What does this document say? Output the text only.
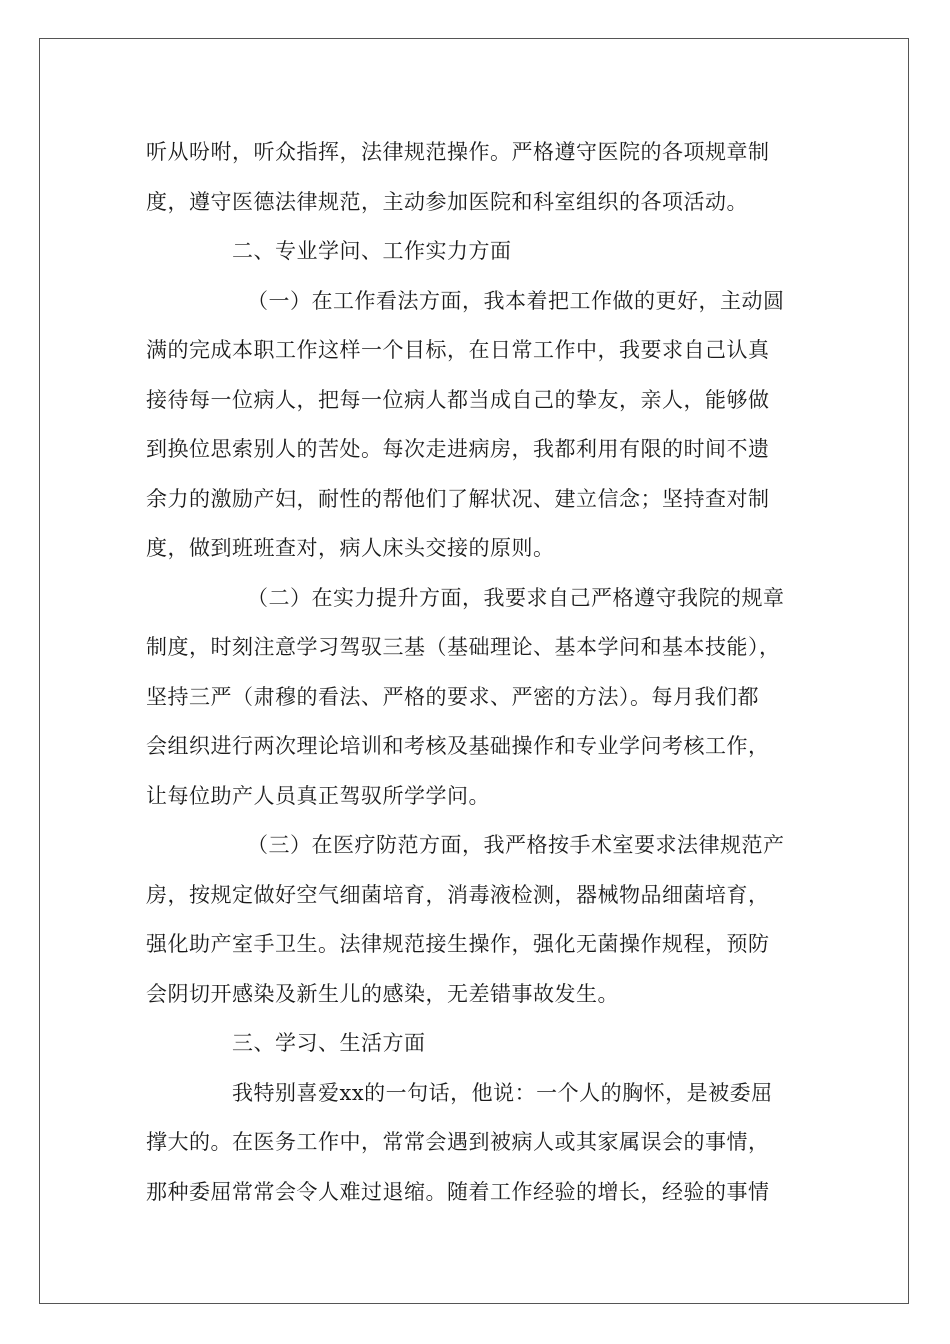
听从吩咐，听众指挥，法律规范操作。严格遵守医院的各项规章制
度，遵守医德法律规范，主动参加医院和科室组织的各项活动。
二、专业学问、工作实力方面
（一）在工作看法方面，我本着把工作做的更好，主动圆
满的完成本职工作这样一个目标，在日常工作中，我要求自己认真
接待每一位病人，把每一位病人都当成自己的挚友，亲人，能够做
到换位思索别人的苦处。每次走进病房，我都利用有限的时间不遗
余力的激励产妇，耐性的帮他们了解状况、建立信念；坚持查对制
度，做到班班查对，病人床头交接的原则。
（二）在实力提升方面，我要求自己严格遵守我院的规章
制度，时刻注意学习驾驭三基（基础理论、基本学问和基本技能），
坚持三严（肃穆的看法、严格的要求、严密的方法）。每月我们都
会组织进行两次理论培训和考核及基础操作和专业学问考核工作，
让每位助产人员真正驾驭所学学问。
（三）在医疗防范方面，我严格按手术室要求法律规范产
房，按规定做好空气细菌培育，消毒液检测，器械物品细菌培育，
强化助产室手卫生。法律规范接生操作，强化无菌操作规程，预防
会阴切开感染及新生儿的感染，无差错事故发生。
三、学习、生活方面
我特别喜爱xx的一句话，他说：一个人的胸怀，是被委屈
撑大的。在医务工作中，常常会遇到被病人或其家属误会的事情，
那种委屈常常会令人难过退缩。随着工作经验的增长，经验的事情
